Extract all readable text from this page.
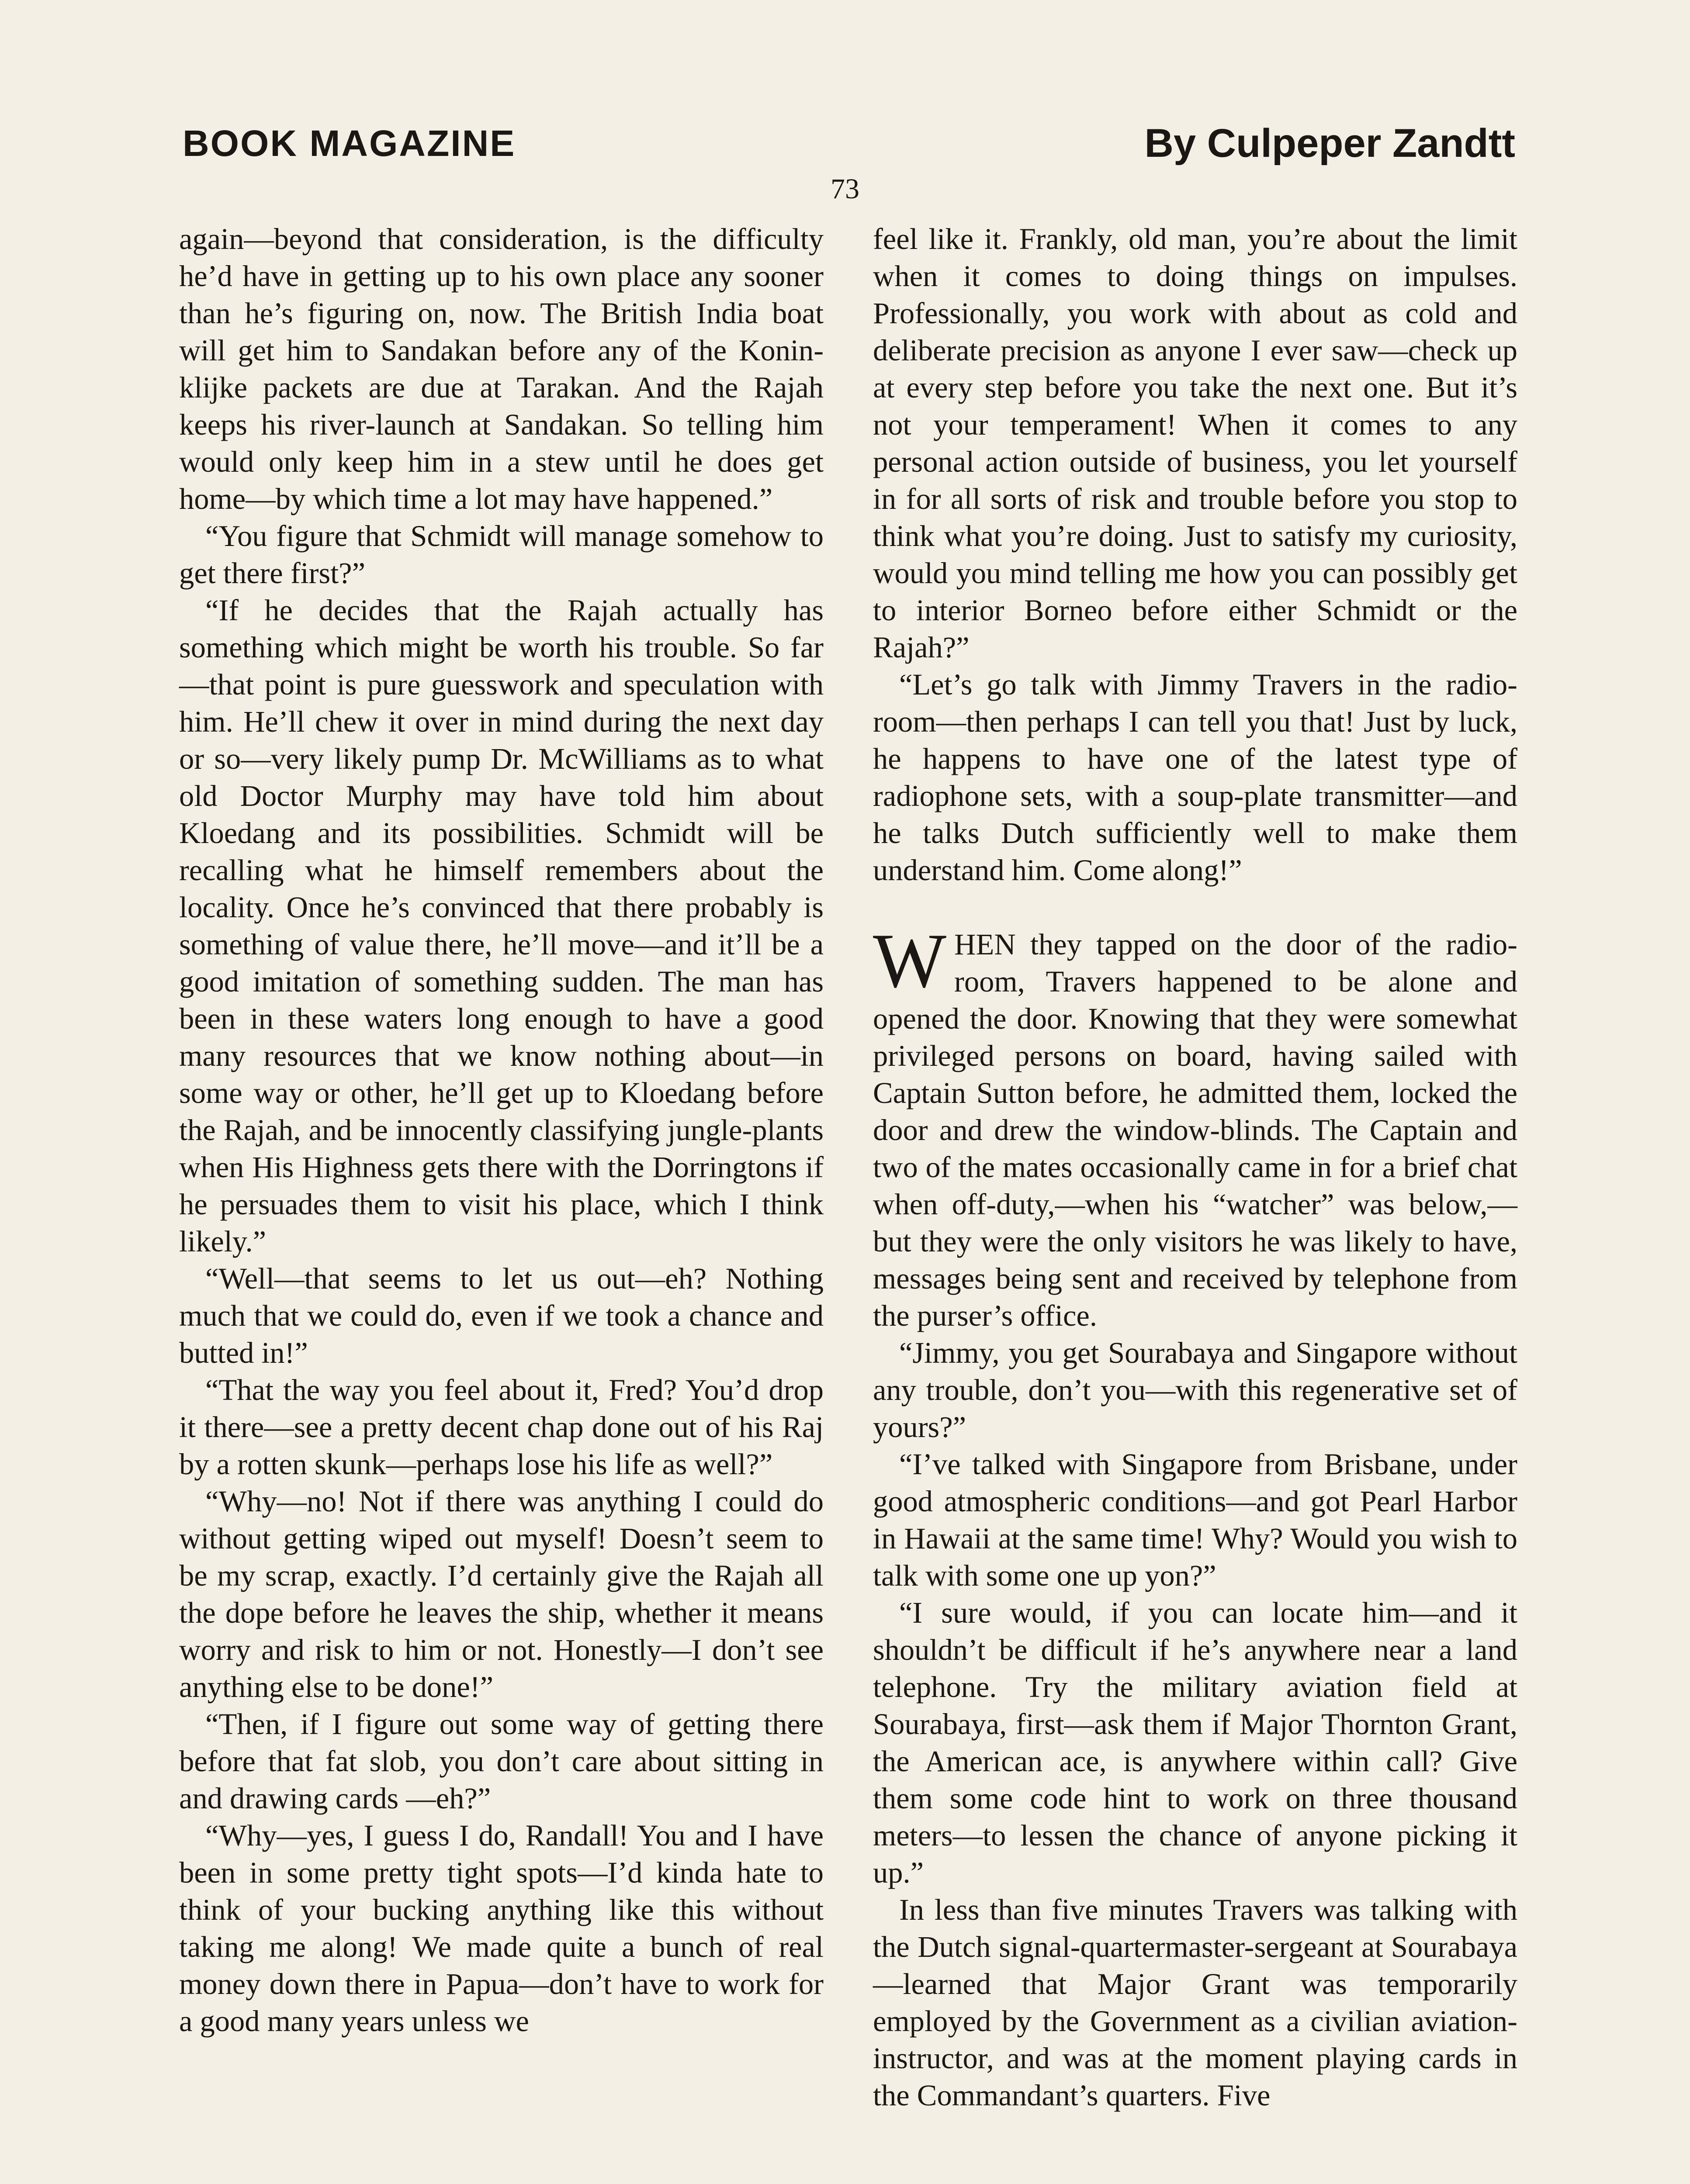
BOOK MAGAZINE	By Culpeper Zandtt
73

again—beyond that consideration, is the difficulty he’d have in getting up to his own place any sooner than he’s figuring on, now. The British India boat will get him to Sandakan before any of the Koninklijke packets are due at Tarakan. And the Rajah keeps his river-launch at Sandakan. So telling him would only keep him in a stew until he does get home—by which time a lot may have happened.”

“You figure that Schmidt will manage somehow to get there first?”

“If he decides that the Rajah actually has something which might be worth his trouble. So far—that point is pure guesswork and speculation with him. He’ll chew it over in mind during the next day or so—very likely pump Dr. McWilliams as to what old Doctor Murphy may have told him about Kloedang and its possibilities. Schmidt will be recalling what he himself remembers about the locality. Once he’s convinced that there probably is something of value there, he’ll move—and it’ll be a good imitation of something sudden. The man has been in these waters long enough to have a good many resources that we know nothing about—in some way or other, he’ll get up to Kloedang before the Rajah, and be innocently classifying jungle-plants when His Highness gets there with the Dorringtons if he persuades them to visit his place, which I think likely.”

“Well—that seems to let us out—eh? Nothing much that we could do, even if we took a chance and butted in!”

“That the way you feel about it, Fred? You’d drop it there—see a pretty decent chap done out of his Raj by a rotten skunk—perhaps lose his life as well?”

“Why—no! Not if there was anything I could do without getting wiped out myself! Doesn’t seem to be my scrap, exactly. I’d certainly give the Rajah all the dope before he leaves the ship, whether it means worry and risk to him or not. Honestly—I don’t see anything else to be done!”

“Then, if I figure out some way of getting there before that fat slob, you don’t care about sitting in and drawing cards —eh?”

“Why—yes, I guess I do, Randall! You and I have been in some pretty tight spots—I’d kinda hate to think of your bucking anything like this without taking me along! We made quite a bunch of real money down there in Papua—don’t have to work for a good many years unless we

feel like it. Frankly, old man, you’re about the limit when it comes to doing things on impulses. Professionally, you work with about as cold and deliberate precision as anyone I ever saw—check up at every step before you take the next one. But it’s not your temperament! When it comes to any personal action outside of business, you let yourself in for all sorts of risk and trouble before you stop to think what you’re doing. Just to satisfy my curiosity, would you mind telling me how you can possibly get to interior Borneo before either Schmidt or the Rajah?”

“Let’s go talk with Jimmy Travers in the radio-room—then perhaps I can tell you that! Just by luck, he happens to have one of the latest type of radiophone sets, with a soup-plate transmitter—and he talks Dutch sufficiently well to make them understand him. Come along!”

WHEN they tapped on the door of the radio-room, Travers happened to be alone and opened the door. Knowing that they were somewhat privileged persons on board, having sailed with Captain Sutton before, he admitted them, locked the door and drew the window-blinds. The Captain and two of the mates occasionally came in for a brief chat when off-duty,—when his “watcher” was below,—but they were the only visitors he was likely to have, messages being sent and received by telephone from the purser’s office.

“Jimmy, you get Sourabaya and Singapore without any trouble, don’t you—with this regenerative set of yours?”

“I’ve talked with Singapore from Brisbane, under good atmospheric conditions—and got Pearl Harbor in Hawaii at the same time! Why? Would you wish to talk with some one up yon?”

“I sure would, if you can locate him—and it shouldn’t be difficult if he’s anywhere near a land telephone. Try the military aviation field at Sourabaya, first—ask them if Major Thornton Grant, the American ace, is anywhere within call? Give them some code hint to work on three thousand meters—to lessen the chance of anyone picking it up.”

In less than five minutes Travers was talking with the Dutch signal-quartermaster-sergeant at Sourabaya—learned that Major Grant was temporarily employed by the Government as a civilian aviation-instructor, and was at the moment playing cards in the Commandant’s quarters. Five
